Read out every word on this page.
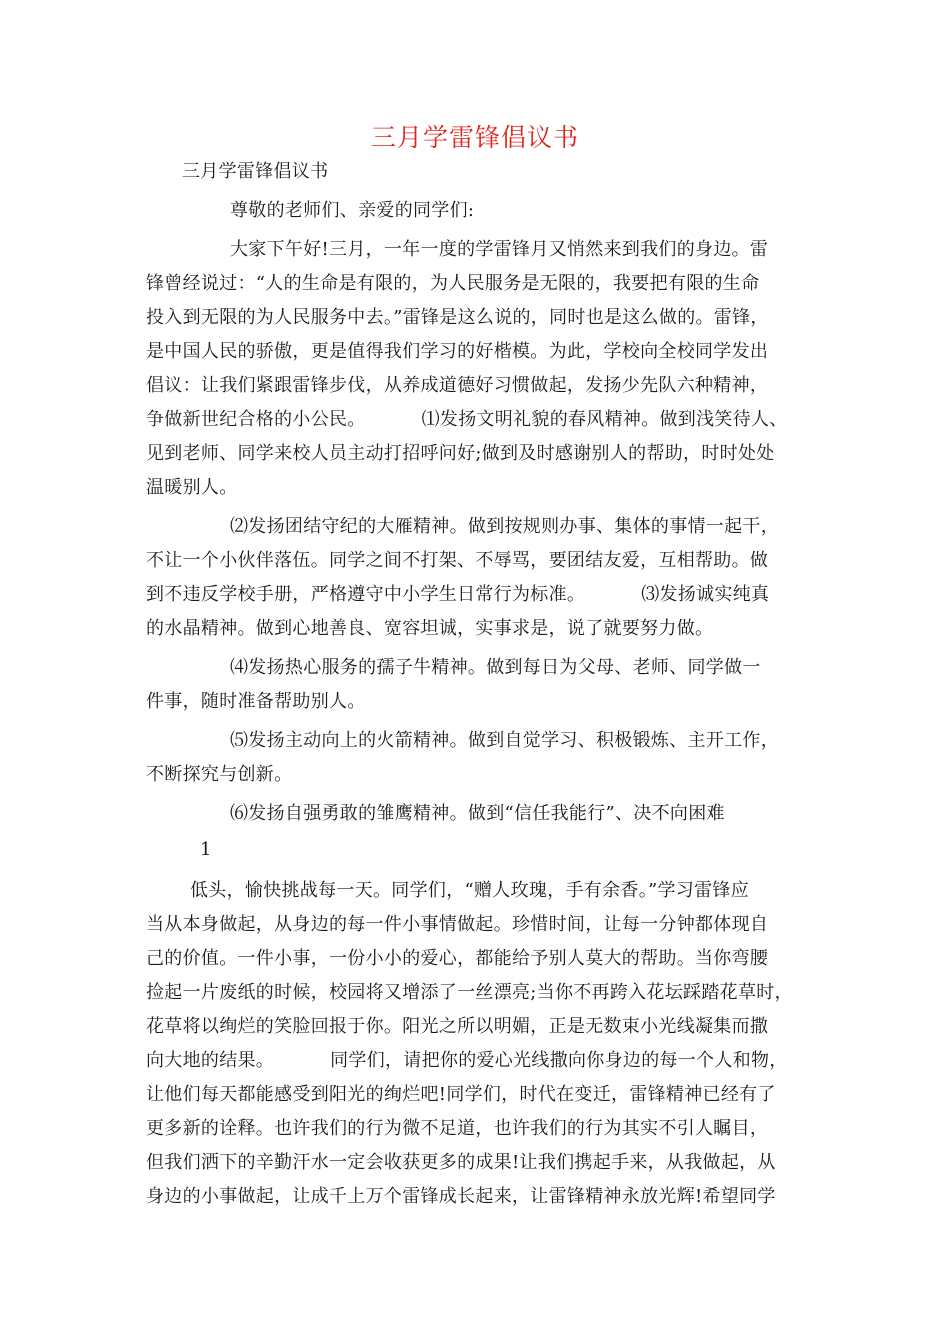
三月学雷锋倡议书
三月学雷锋倡议书
尊敬的老师们、亲爱的同学们:
大家下午好!三月，一年一度的学雷锋月又悄然来到我们的身边。雷
锋曾经说过：“人的生命是有限的，为人民服务是无限的，我要把有限的生命
投入到无限的为人民服务中去。”雷锋是这么说的，同时也是这么做的。雷锋，
是中国人民的骄傲，更是值得我们学习的好楷模。为此，学校向全校同学发出
倡议：让我们紧跟雷锋步伐，从养成道德好习惯做起，发扬少先队六种精神，
争做新世纪合格的小公民。	⑴发扬文明礼貌的春风精神。做到浅笑待人、
见到老师、同学来校人员主动打招呼问好;做到及时感谢别人的帮助，时时处处
温暖别人。
⑵发扬团结守纪的大雁精神。做到按规则办事、集体的事情一起干，
不让一个小伙伴落伍。同学之间不打架、不辱骂，要团结友爱，互相帮助。做
到不违反学校手册，严格遵守中小学生日常行为标准。	⑶发扬诚实纯真
的水晶精神。做到心地善良、宽容坦诚，实事求是，说了就要努力做。
⑷发扬热心服务的孺子牛精神。做到每日为父母、老师、同学做一
件事，随时准备帮助别人。
⑸发扬主动向上的火箭精神。做到自觉学习、积极锻炼、主开工作，
不断探究与创新。
⑹发扬自强勇敢的雏鹰精神。做到“信任我能行”、决不向困难
1
低头，愉快挑战每一天。同学们，“赠人玫瑰，手有余香。”学习雷锋应
当从本身做起，从身边的每一件小事情做起。珍惜时间，让每一分钟都体现自
己的价值。一件小事，一份小小的爱心，都能给予别人莫大的帮助。当你弯腰
捡起一片废纸的时候，校园将又增添了一丝漂亮;当你不再跨入花坛踩踏花草时，
花草将以绚烂的笑脸回报于你。阳光之所以明媚，正是无数束小光线凝集而撒
向大地的结果。	同学们，请把你的爱心光线撒向你身边的每一个人和物，
让他们每天都能感受到阳光的绚烂吧!同学们，时代在变迁，雷锋精神已经有了
更多新的诠释。也许我们的行为微不足道，也许我们的行为其实不引人瞩目，
但我们洒下的辛勤汗水一定会收获更多的成果!让我们携起手来，从我做起，从
身边的小事做起，让成千上万个雷锋成长起来，让雷锋精神永放光辉!希望同学
